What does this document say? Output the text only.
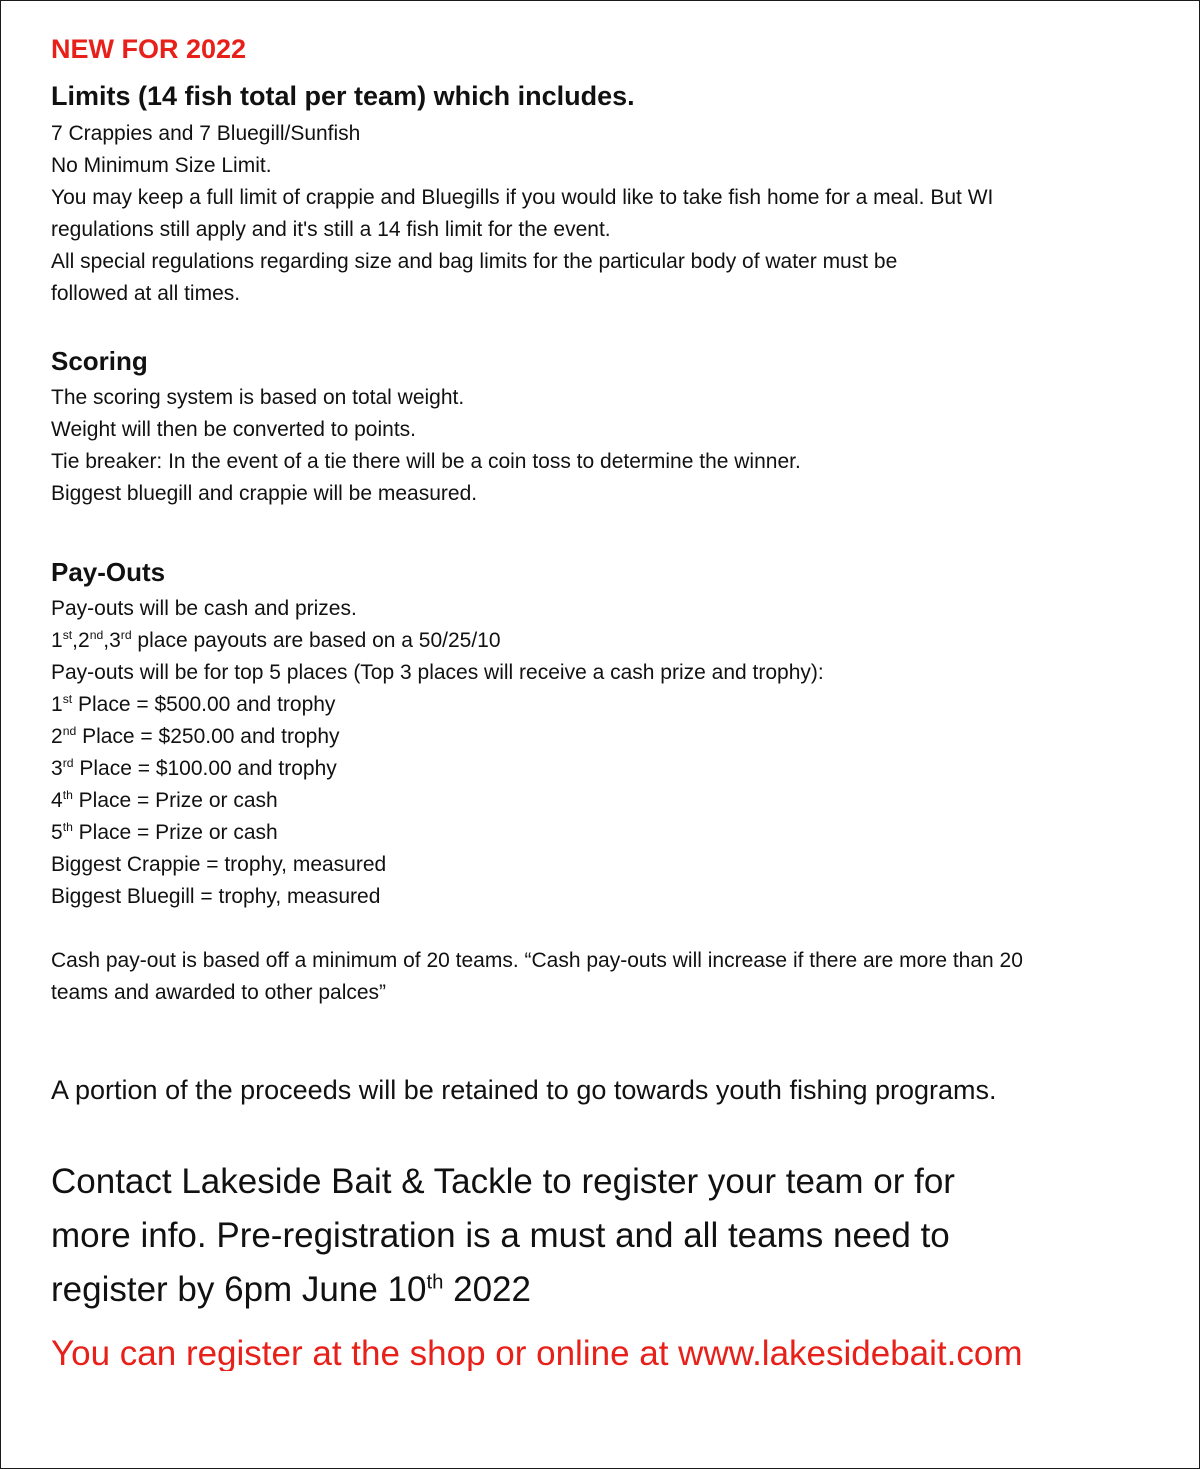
NEW FOR 2022
Limits (14 fish total per team) which includes.
7 Crappies and 7 Bluegill/Sunfish
No Minimum Size Limit.
You may keep a full limit of crappie and Bluegills if you would like to take fish home for a meal. But WI
regulations still apply and it's still a 14 fish limit for the event.
All special regulations regarding size and bag limits for the particular body of water must be
followed at all times.
Scoring
The scoring system is based on total weight.
Weight will then be converted to points.
Tie breaker: In the event of a tie there will be a coin toss to determine the winner.
Biggest bluegill and crappie will be measured.
Pay-Outs
Pay-outs will be cash and prizes.
1st,2nd,3rd place payouts are based on a 50/25/10
Pay-outs will be for top 5 places (Top 3 places will receive a cash prize and trophy):
1st Place = $500.00 and trophy
2nd Place = $250.00 and trophy
3rd Place = $100.00 and trophy
4th Place = Prize or cash
5th Place = Prize or cash
Biggest Crappie = trophy, measured
Biggest Bluegill = trophy, measured
Cash pay-out is based off a minimum of 20 teams. “Cash pay-outs will increase if there are more than 20
teams and awarded to other palces”
A portion of the proceeds will be retained to go towards youth fishing programs.
Contact Lakeside Bait & Tackle to register your team or for
more info. Pre-registration is a must and all teams need to
register by 6pm June 10th 2022
You can register at the shop or online at www.lakesidebait.com
